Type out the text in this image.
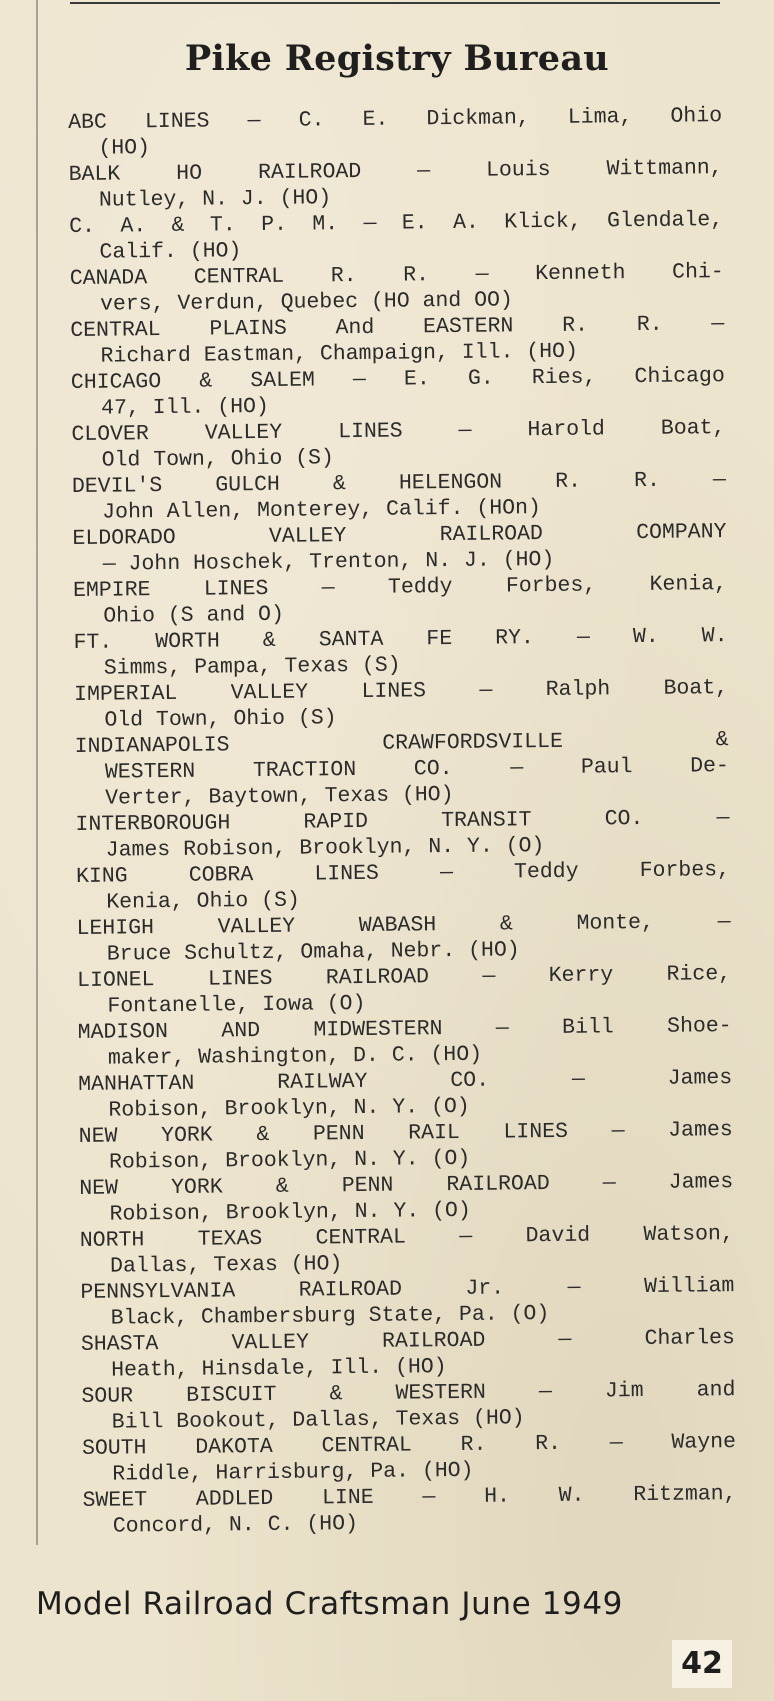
Pike Registry Bureau
ABC LINES — C. E. Dickman, Lima, Ohio
(HO)
BALK HO RAILROAD — Louis Wittmann,
Nutley, N. J. (HO)
C. A. & T. P. M. — E. A. Klick, Glendale,
Calif. (HO)
CANADA CENTRAL R. R. — Kenneth Chi-
vers, Verdun, Quebec (HO and OO)
CENTRAL PLAINS And EASTERN R. R. —
Richard Eastman, Champaign, Ill. (HO)
CHICAGO & SALEM — E. G. Ries, Chicago
47, Ill. (HO)
CLOVER VALLEY LINES — Harold Boat,
Old Town, Ohio (S)
DEVIL'S GULCH & HELENGON R. R. —
John Allen, Monterey, Calif. (HOn)
ELDORADO VALLEY RAILROAD COMPANY
— John Hoschek, Trenton, N. J. (HO)
EMPIRE LINES — Teddy Forbes, Kenia,
Ohio (S and O)
FT. WORTH & SANTA FE RY. — W. W.
Simms, Pampa, Texas (S)
IMPERIAL VALLEY LINES — Ralph Boat,
Old Town, Ohio (S)
INDIANAPOLIS CRAWFORDSVILLE &
WESTERN TRACTION CO. — Paul De-
Verter, Baytown, Texas (HO)
INTERBOROUGH RAPID TRANSIT CO. —
James Robison, Brooklyn, N. Y. (O)
KING COBRA LINES — Teddy Forbes,
Kenia, Ohio (S)
LEHIGH VALLEY WABASH & Monte, —
Bruce Schultz, Omaha, Nebr. (HO)
LIONEL LINES RAILROAD — Kerry Rice,
Fontanelle, Iowa (O)
MADISON AND MIDWESTERN — Bill Shoe-
maker, Washington, D. C. (HO)
MANHATTAN RAILWAY CO. — James
Robison, Brooklyn, N. Y. (O)
NEW YORK & PENN RAIL LINES — James
Robison, Brooklyn, N. Y. (O)
NEW YORK & PENN RAILROAD — James
Robison, Brooklyn, N. Y. (O)
NORTH TEXAS CENTRAL — David Watson,
Dallas, Texas (HO)
PENNSYLVANIA RAILROAD Jr. — William
Black, Chambersburg State, Pa. (O)
SHASTA VALLEY RAILROAD — Charles
Heath, Hinsdale, Ill. (HO)
SOUR BISCUIT & WESTERN — Jim and
Bill Bookout, Dallas, Texas (HO)
SOUTH DAKOTA CENTRAL R. R. — Wayne
Riddle, Harrisburg, Pa. (HO)
SWEET ADDLED LINE — H. W. Ritzman,
Concord, N. C. (HO)
Model Railroad Craftsman June 1949
42
